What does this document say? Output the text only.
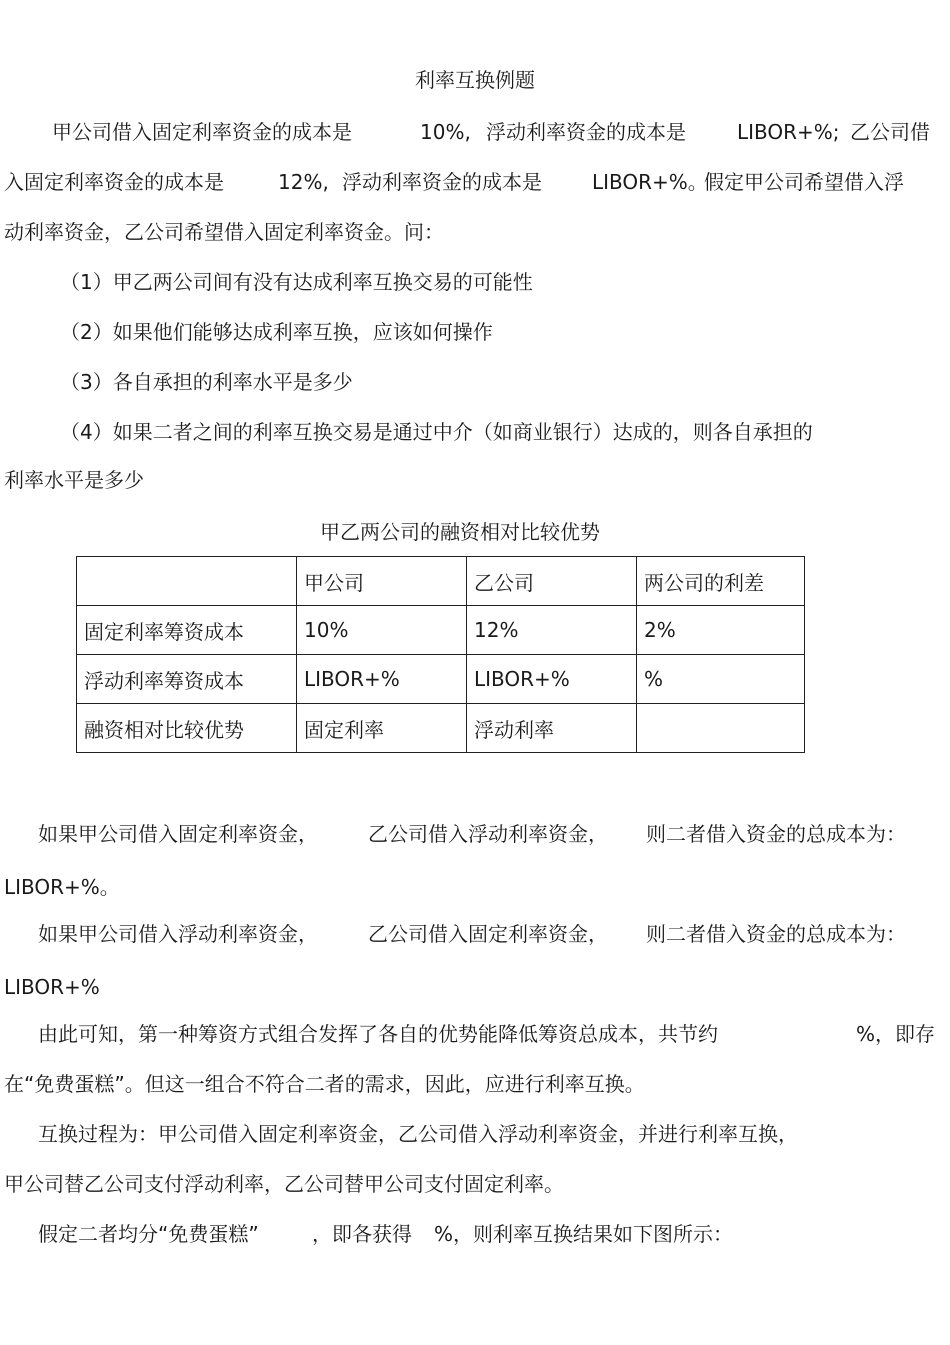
利率互换例题
甲公司借入固定利率资金的成本是	10%, 浮动利率资金的成本是	LIBOR+%; 乙公司借
入固定利率资金的成本是	12%, 浮动利率资金的成本是	LIBOR+%。
假定甲公司希望借入浮
动利率资金，乙公司希望借入固定利率资金。问：
（1）甲乙两公司间有没有达成利率互换交易的可能性
（2）如果他们能够达成利率互换，应该如何操作
（3）各自承担的利率水平是多少
（4）如果二者之间的利率互换交易是通过中介（如商业银行）达成的，则各自承担的
利率水平是多少
甲乙两公司的融资相对比较优势
	甲公司	乙公司	两公司的利差
固定利率筹资成本	10%	12%	2%
浮动利率筹资成本	LIBOR+%	LIBOR+%	%
融资相对比较优势	固定利率	浮动利率	
如果甲公司借入固定利率资金，	乙公司借入浮动利率资金， 则二者借入资金的总成本为：
LIBOR+%。
如果甲公司借入浮动利率资金，	乙公司借入固定利率资金， 则二者借入资金的总成本为：
LIBOR+%
由此可知，第一种筹资方式组合发挥了各自的优势能降低筹资总成本，共节约	%，即存
在“免费蛋糕”。但这一组合不符合二者的需求，因此，应进行利率互换。
互换过程为：甲公司借入固定利率资金，乙公司借入浮动利率资金，并进行利率互换，
甲公司替乙公司支付浮动利率，乙公司替甲公司支付固定利率。
假定二者均分“免费蛋糕”	，即各获得 %，则利率互换结果如下图所示：
